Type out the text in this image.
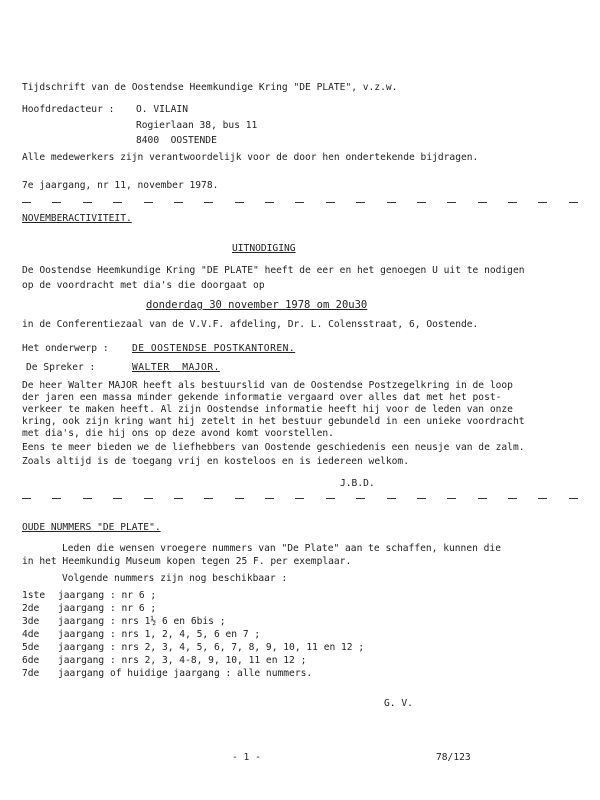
Tijdschrift van de Oostendse Heemkundige Kring "DE PLATE", v.z.w.
Hoofdredacteur : O. VILAIN
Rogierlaan 38, bus 11
8400  OOSTENDE
Alle medewerkers zijn verantwoordelijk voor de door hen ondertekende bijdragen.
7e jaargang, nr 11, november 1978.
NOVEMBERACTIVITEIT.
UITNODIGING
De Oostendse Heemkundige Kring "DE PLATE" heeft de eer en het genoegen U uit te nodigen
op de voordracht met dia's die doorgaat op
donderdag 30 november 1978 om 20u30
in de Conferentiezaal van de V.V.F. afdeling, Dr. L. Colensstraat, 6, Oostende.
Het onderwerp : DE OOSTENDSE POSTKANTOREN.
De Spreker :	WALTER  MAJOR.
De heer Walter MAJOR heeft als bestuurslid van de Oostendse Postzegelkring in de loop
der jaren een massa minder gekende informatie vergaard over alles dat met het post-
verkeer te maken heeft. Al zijn Oostendse informatie heeft hij voor de leden van onze
kring, ook zijn kring want hij zetelt in het bestuur gebundeld in een unieke voordracht
met dia's, die hij ons op deze avond komt voorstellen.
Eens te meer bieden we de liefhebbers van Oostende geschiedenis een neusje van de zalm.
Zoals altijd is de toegang vrij en kosteloos en is iedereen welkom.
J.B.D.
OUDE NUMMERS "DE PLATE".
Leden die wensen vroegere nummers van "De Plate" aan te schaffen, kunnen die
in het Heemkundig Museum kopen tegen 25 F. per exemplaar.
Volgende nummers zijn nog beschikbaar :
1ste jaargang : nr 6 ;
2de jaargang : nr 6 ;
3de jaargang : nrs 1½ 6 en 6bis ;
4de jaargang : nrs 1, 2, 4, 5, 6 en 7 ;
5de jaargang : nrs 2, 3, 4, 5, 6, 7, 8, 9, 10, 11 en 12 ;
6de jaargang : nrs 2, 3, 4-8, 9, 10, 11 en 12 ;
7de jaargang of huidige jaargang : alle nummers.
G. V.
- 1 -	78/123
